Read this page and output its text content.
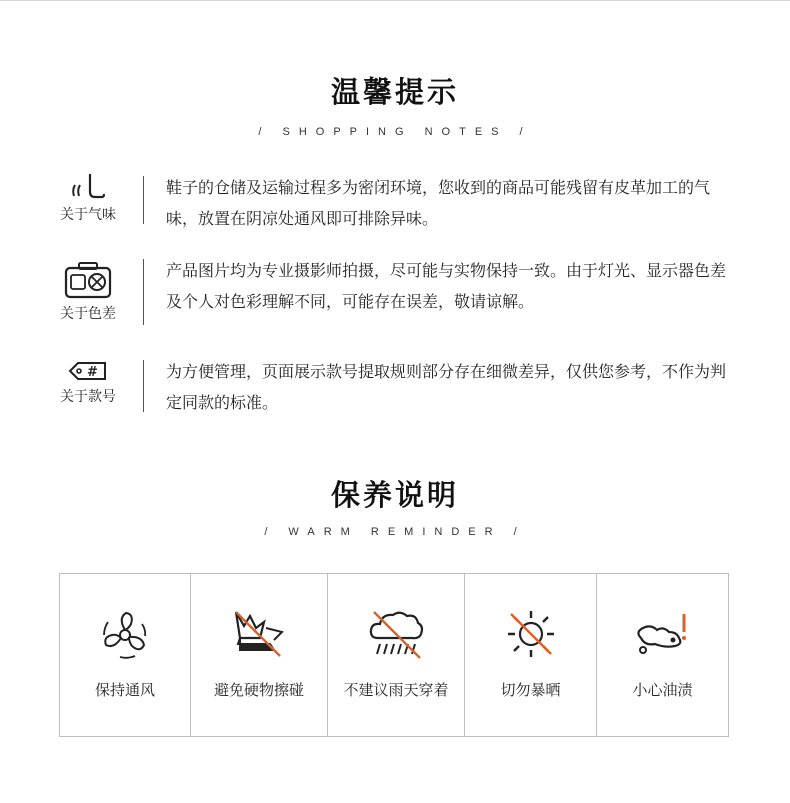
温馨提示
/ SHOPPING NOTES /
关于气味
鞋子的仓储及运输过程多为密闭环境，您收到的商品可能残留有皮革加工的气味，放置在阴凉处通风即可排除异味。
关于色差
产品图片均为专业摄影师拍摄，尽可能与实物保持一致。由于灯光、显示器色差及个人对色彩理解不同，可能存在误差，敬请谅解。
#
关于款号
为方便管理，页面展示款号提取规则部分存在细微差异，仅供您参考，不作为判定同款的标准。
保养说明
/ WARM REMINDER /
保持通风	避免硬物擦碰	不建议雨天穿着	切勿暴晒	小心油渍
